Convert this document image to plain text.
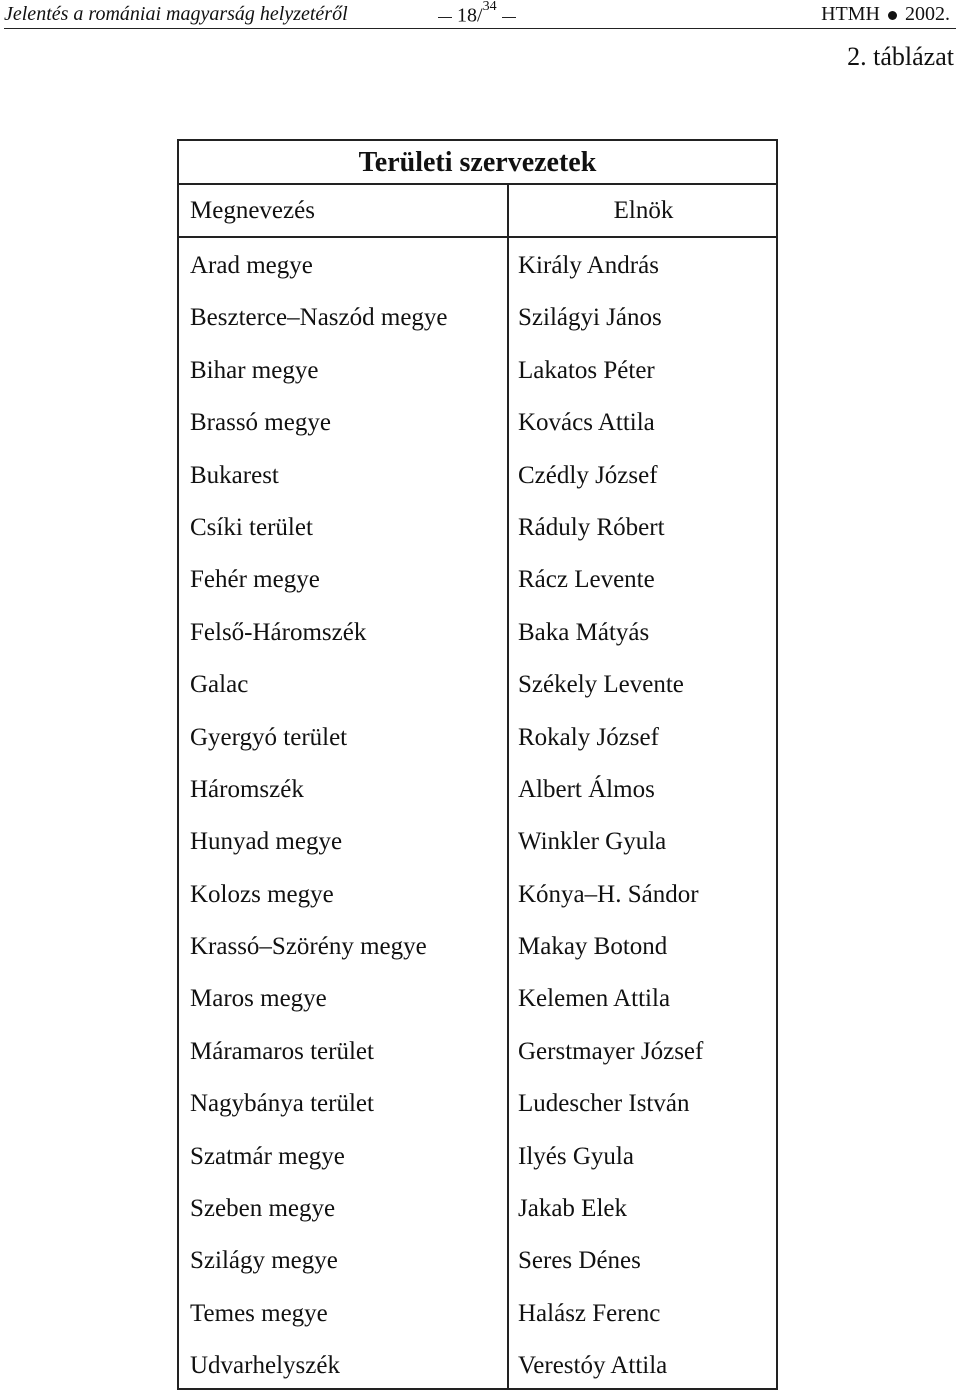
Jelentés a romániai magyarság helyzetéről	18/$^{34}$	HTMH 2002.
2. táblázat
Területi szervezetek
Megnevezés	Elnök
Arad megye	Király András
Beszterce–Naszód megye	Szilágyi János
Bihar megye	Lakatos Péter
Brassó megye	Kovács Attila
Bukarest	Czédly József
Csíki terület	Ráduly Róbert
Fehér megye	Rácz Levente
Felső-Háromszék	Baka Mátyás
Galac	Székely Levente
Gyergyó terület	Rokaly József
Háromszék	Albert Álmos
Hunyad megye	Winkler Gyula
Kolozs megye	Kónya–H. Sándor
Krassó–Szörény megye	Makay Botond
Maros megye	Kelemen Attila
Máramaros terület	Gerstmayer József
Nagybánya terület	Ludescher István
Szatmár megye	Ilyés Gyula
Szeben megye	Jakab Elek
Szilágy megye	Seres Dénes
Temes megye	Halász Ferenc
Udvarhelyszék	Verestóy Attila
